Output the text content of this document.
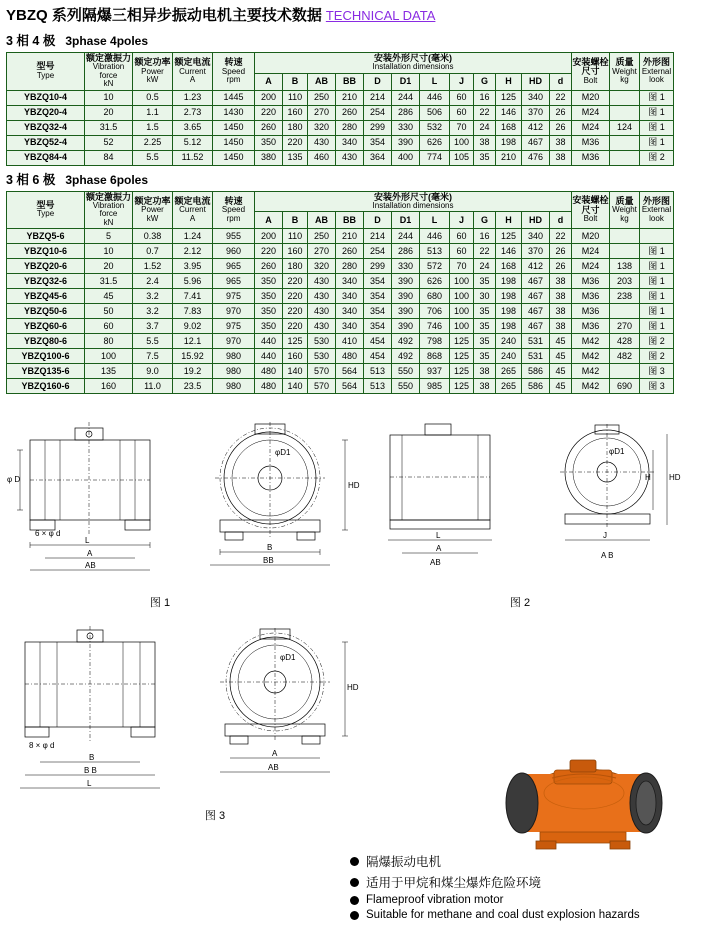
YBZQ 系列隔爆三相异步振动电机主要技术数据 TECHNICAL DATA
3 相 4 极 3phase 4poles
型号
Type	额定激振力
Vibration force
kN	额定功率
Power
kW	额定电流
Current
A	转速
Speed
rpm	安装外形尺寸(毫米)
Installation dimensions												安装螺栓尺寸
Bolt	质量
Weight
kg	外形图
External look

					A	B	AB	BB	D	D1	L	J	G	H	HD	d			
YBZQ10-4	10	0.5	1.23	1445	200	110	250	210	214	244	446	60	16	125	340	22	M20		图 1
YBZQ20-4	20	1.1	2.73	1430	220	160	270	260	254	286	506	60	22	146	370	26	M24		图 1
YBZQ32-4	31.5	1.5	3.65	1450	260	180	320	280	299	330	532	70	24	168	412	26	M24	124	图 1
YBZQ52-4	52	2.25	5.12	1450	350	220	430	340	354	390	626	100	38	198	467	38	M36		图 1
YBZQ84-4	84	5.5	11.52	1450	380	135	460	430	364	400	774	105	35	210	476	38	M36		图 2
3 相 6 极 3phase 6poles
型号
Type	额定激振力
Vibration force
kN	额定功率
Power
kW	额定电流
Current
A	转速
Speed
rpm	安装外形尺寸(毫米)
Installation dimensions												安装螺栓尺寸
Bolt	质量
Weight
kg	外形图
External look

					A	B	AB	BB	D	D1	L	J	G	H	HD	d			
YBZQ5-6	5	0.38	1.24	955	200	110	250	210	214	244	446	60	16	125	340	22	M20		
YBZQ10-6	10	0.7	2.12	960	220	160	270	260	254	286	513	60	22	146	370	26	M24		图 1
YBZQ20-6	20	1.52	3.95	965	260	180	320	280	299	330	572	70	24	168	412	26	M24	138	图 1
YBZQ32-6	31.5	2.4	5.96	965	350	220	430	340	354	390	626	100	35	198	467	38	M36	203	图 1
YBZQ45-6	45	3.2	7.41	975	350	220	430	340	354	390	680	100	30	198	467	38	M36	238	图 1
YBZQ50-6	50	3.2	7.83	970	350	220	430	340	354	390	706	100	35	198	467	38	M36		图 1
YBZQ60-6	60	3.7	9.02	975	350	220	430	340	354	390	746	100	35	198	467	38	M36	270	图 1
YBZQ80-6	80	5.5	12.1	970	440	125	530	410	454	492	798	125	35	240	531	45	M42	428	图 2
YBZQ100-6	100	7.5	15.92	980	440	160	530	480	454	492	868	125	35	240	531	45	M42	482	图 2
YBZQ135-6	135	9.0	19.2	980	480	140	570	564	513	550	937	125	38	265	586	45	M42		图 3
YBZQ160-6	160	11.0	23.5	980	480	140	570	564	513	550	985	125	38	265	586	45	M42	690	图 3
φ D
L
A
AB
6 × φ d
φD1
B
BB
HD
L
A
AB
φD1
HD
H
J
A B
图 1	图 2
8 × φ d
B
B B
L
φD1
HD
A
AB
图 3
隔爆振动电机
适用于甲烷和煤尘爆炸危险环境
Flameproof vibration motor
Suitable for methane and coal dust explosion hazards
